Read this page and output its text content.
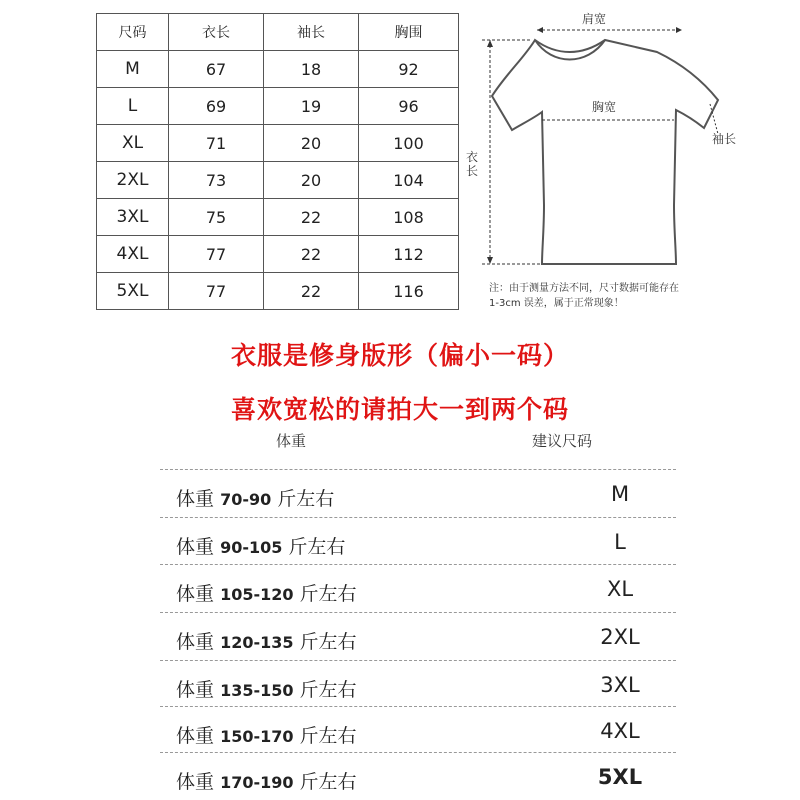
尺码	衣长	袖长	胸围
M	67	18	92
L	69	19	96
XL	71	20	100
2XL	73	20	104
3XL	75	22	108
4XL	77	22	112
5XL	77	22	116
肩宽
胸宽
衣长
袖长
注：由于测量方法不同，尺寸数据可能存在
1-3cm 误差，属于正常现象！
衣服是修身版形（偏小一码）
喜欢宽松的请拍大一到两个码
体重	建议尺码
体重 70-90 斤左右	M
体重 90-105 斤左右	L
体重 105-120 斤左右	XL
体重 120-135 斤左右	2XL
体重 135-150 斤左右	3XL
体重 150-170 斤左右	4XL
体重 170-190 斤左右	5XL
